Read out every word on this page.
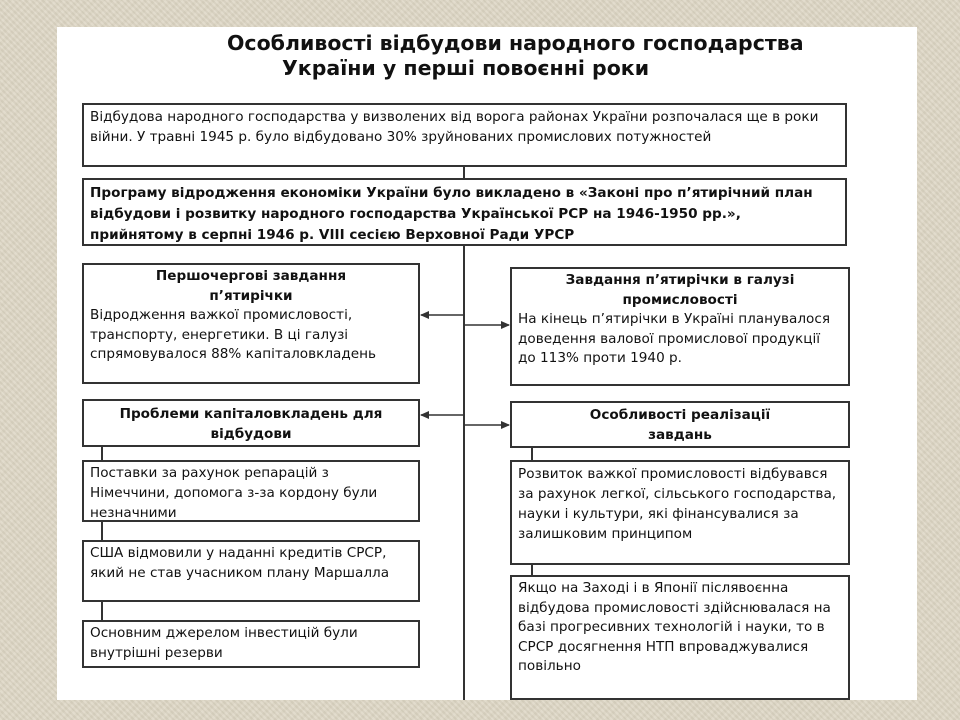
Особливості відбудови народного господарства
України у перші повоєнні роки
Відбудова народного господарства у визволених від ворога районах України розпочалася ще в роки війни. У травні 1945 р. було відбудовано 30% зруйнованих промислових потужностей
Програму відродження економіки України було викладено в «Законі про п’ятирічний план відбудови і розвитку народного господарства Української РСР на 1946-1950 рр.», прийнятому в серпні 1946 р. VIII сесією Верховної Ради УРСР
Першочергові завдання п’ятирічки
Відродження важкої промисловості, транспорту, енергетики. В ці галузі спрямовувалося 88% капіталовкладень
Завдання п’ятирічки в галузі промисловості
На кінець п’ятирічки в Україні планувалося доведення валової промислової продукції до 113% проти 1940 р.
Проблеми капіталовкладень для відбудови
Особливості реалізації завдань
Поставки за рахунок репарацій з Німеччини, допомога з-за кордону були незначними
США відмовили у наданні кредитів СРСР, який не став учасником плану Маршалла
Основним джерелом інвестицій були внутрішні резерви
Розвиток важкої промисловості відбувався за рахунок легкої, сільського господарства, науки і культури, які фінансувалися за залишковим принципом
Якщо на Заході і в Японії післявоєнна відбудова промисловості здійснювалася на базі прогресивних технологій і науки, то в СРСР досягнення НТП впроваджувалися повільно
